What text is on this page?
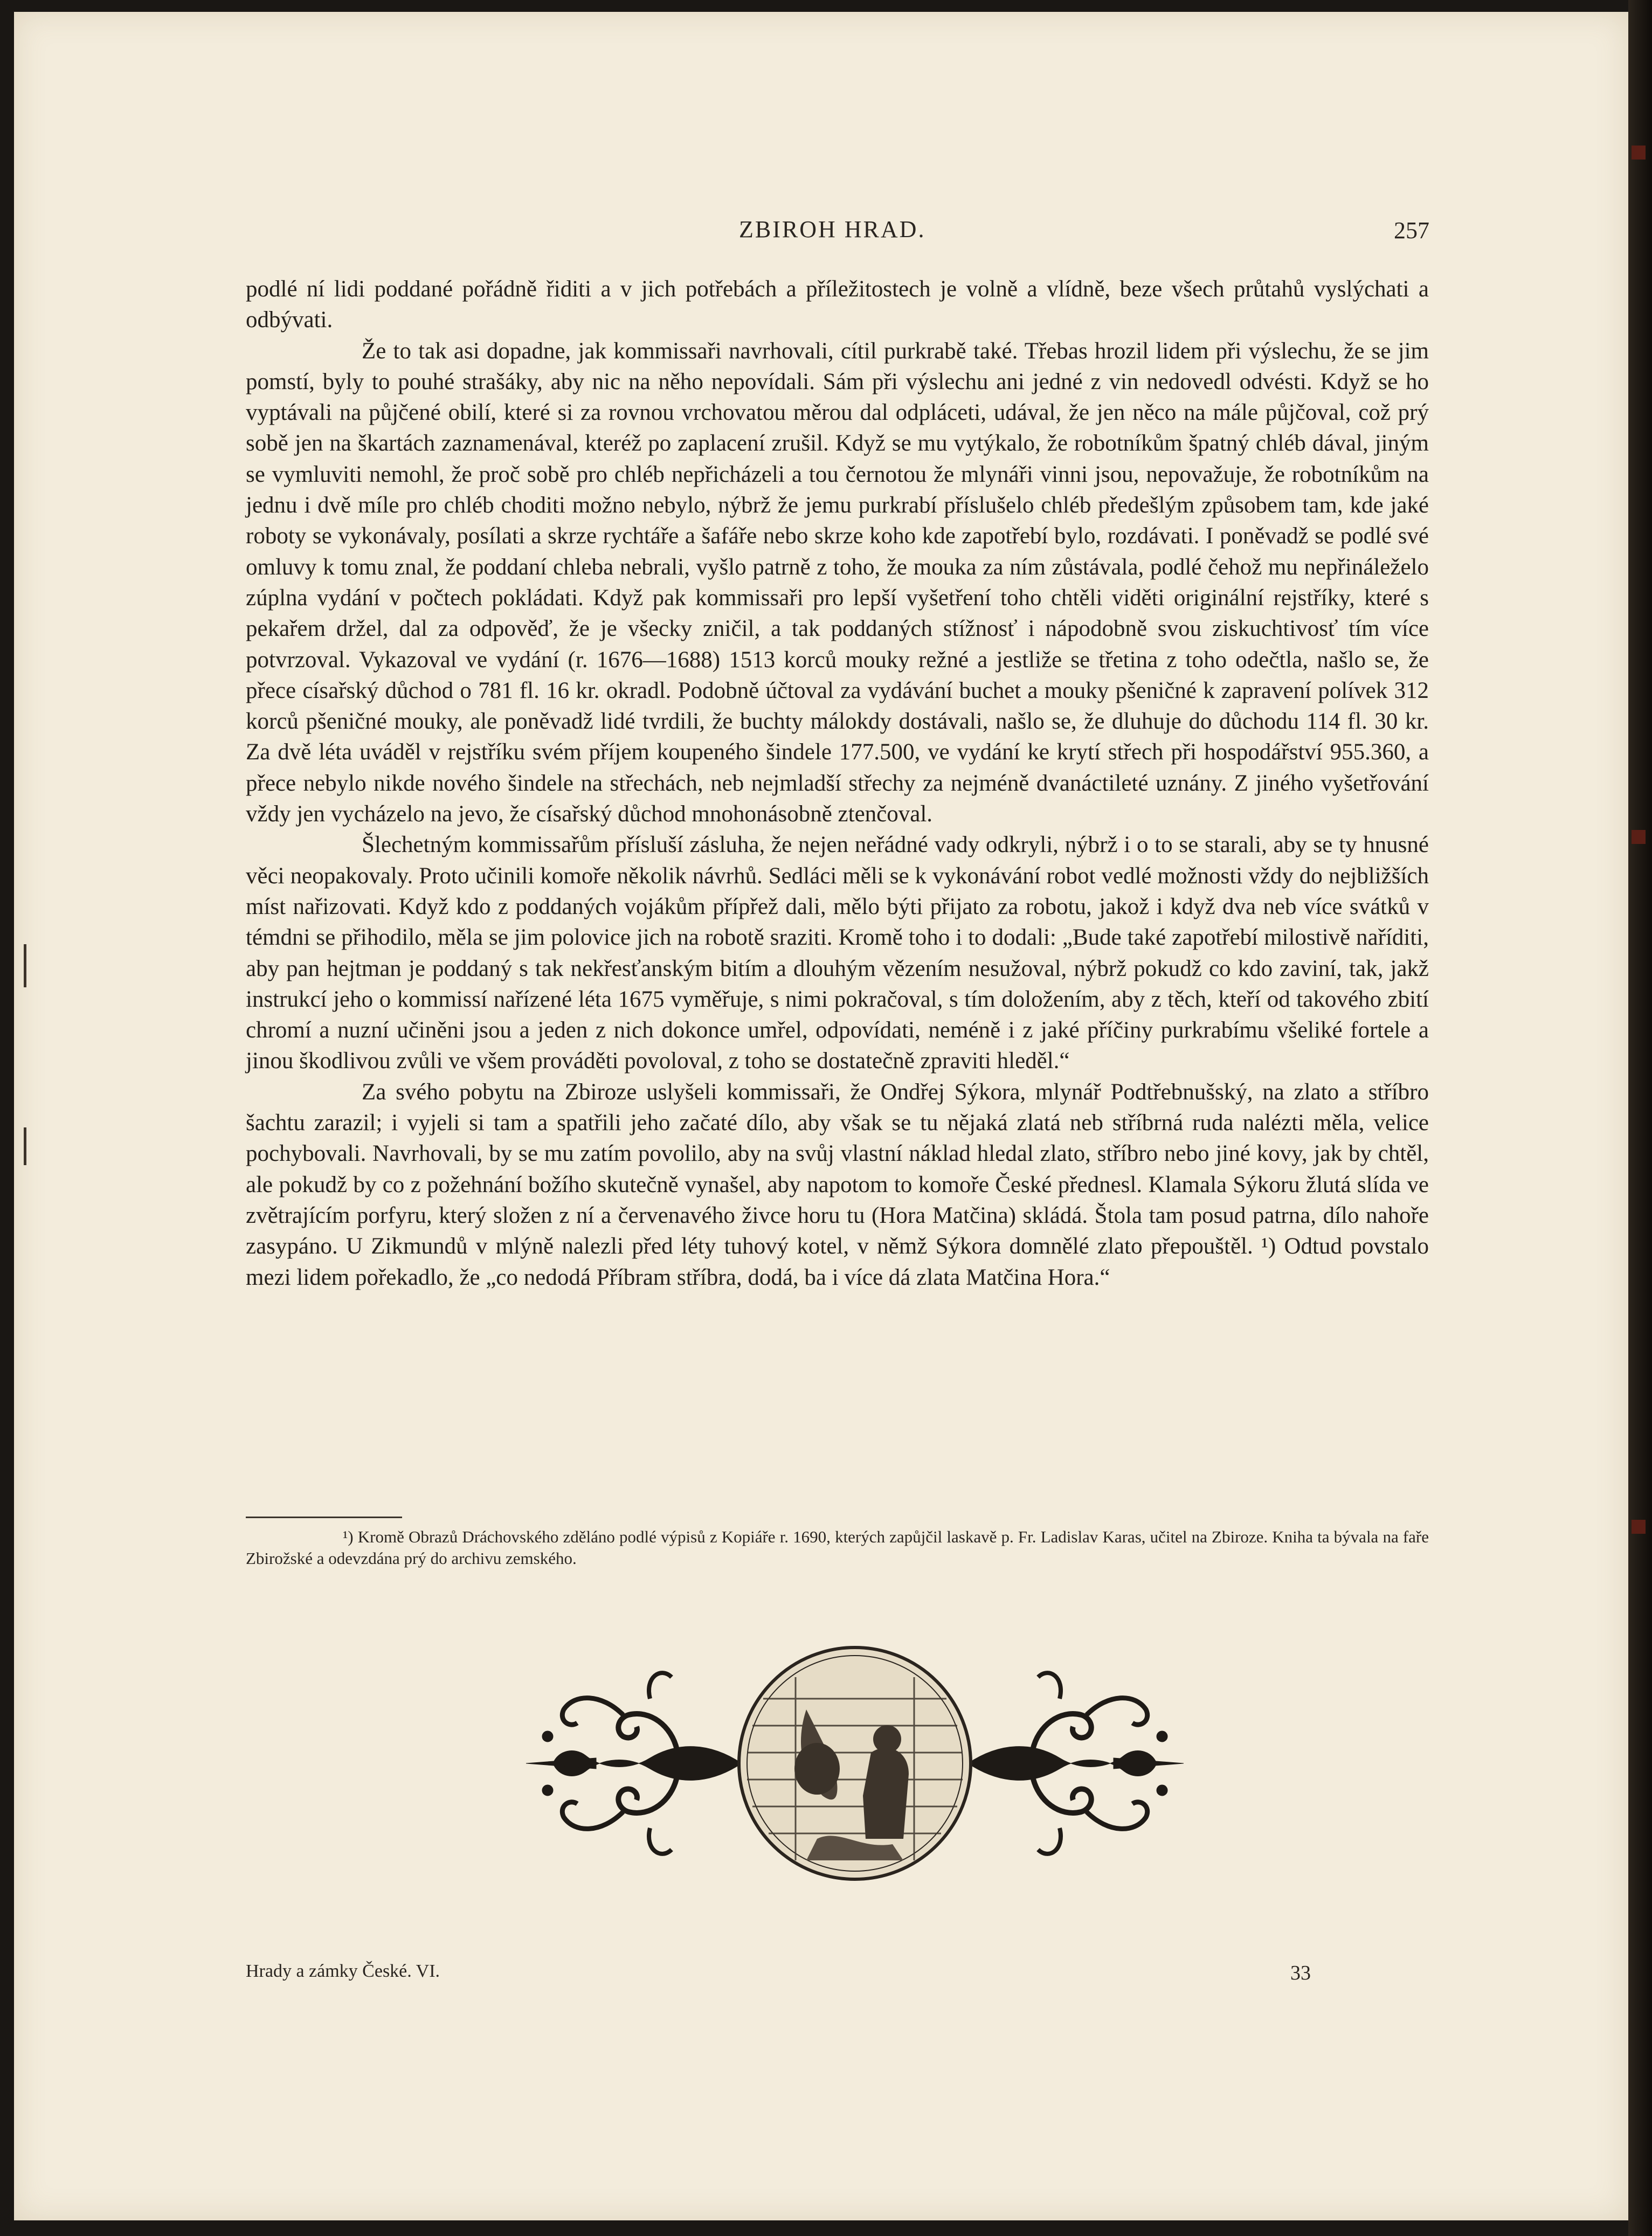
ZBIROH HRAD.	257

podlé ní lidi poddané pořádně řiditi a v jich potřebách a příležitostech je volně a vlídně, beze všech průtahů vyslýchati a odbývati.

Že to tak asi dopadne, jak kommissaři navrhovali, cítil purkrabě také. Třebas hrozil lidem při výslechu, že se jim pomstí, byly to pouhé strašáky, aby nic na něho nepovídali. Sám při výslechu ani jedné z vin nedovedl odvésti. Když se ho vyptávali na půjčené obilí, které si za rovnou vrchovatou měrou dal odpláceti, udával, že jen něco na mále půjčoval, což prý sobě jen na škartách zaznamenával, kteréž po zaplacení zrušil. Když se mu vytýkalo, že robotníkům špatný chléb dával, jiným se vymluviti nemohl, že proč sobě pro chléb nepřicházeli a tou černotou že mlynáři vinni jsou, nepovažuje, že robotníkům na jednu i dvě míle pro chléb choditi možno nebylo, nýbrž že jemu purkrabí příslušelo chléb předešlým způsobem tam, kde jaké roboty se vykonávaly, posílati a skrze rychtáře a šafáře nebo skrze koho kde zapotřebí bylo, rozdávati. I poněvadž se podlé své omluvy k tomu znal, že poddaní chleba nebrali, vyšlo patrně z toho, že mouka za ním zůstávala, podlé čehož mu nepřináleželo zúplna vydání v počtech pokládati. Když pak kommissaři pro lepší vyšetření toho chtěli viděti originální rejstříky, které s pekařem držel, dal za odpověď, že je všecky zničil, a tak poddaných stížnosť i nápodobně svou ziskuchtivosť tím více potvrzoval. Vykazoval ve vydání (r. 1676—1688) 1513 korců mouky režné a jestliže se třetina z toho odečtla, našlo se, že přece císařský důchod o 781 fl. 16 kr. okradl. Podobně účtoval za vydávání buchet a mouky pšeničné k zapravení polívek 312 korců pšeničné mouky, ale poněvadž lidé tvrdili, že buchty málokdy dostávali, našlo se, že dluhuje do důchodu 114 fl. 30 kr. Za dvě léta uváděl v rejstříku svém příjem koupeného šindele 177.500, ve vydání ke krytí střech při hospodářství 955.360, a přece nebylo nikde nového šindele na střechách, neb nejmladší střechy za nejméně dvanáctileté uznány. Z jiného vyšetřování vždy jen vycházelo na jevo, že císařský důchod mnohonásobně ztenčoval.

Šlechetným kommissařům přísluší zásluha, že nejen neřádné vady odkryli, nýbrž i o to se starali, aby se ty hnusné věci neopakovaly. Proto učinili komoře několik návrhů. Sedláci měli se k vykonávání robot vedlé možnosti vždy do nejbližších míst nařizovati. Když kdo z poddaných vojákům přípřež dali, mělo býti přijato za robotu, jakož i když dva neb více svátků v témdni se přihodilo, měla se jim polovice jich na robotě sraziti. Kromě toho i to dodali: „Bude také zapotřebí milostivě naříditi, aby pan hejtman je poddaný s tak nekřesťanským bitím a dlouhým vězením nesužoval, nýbrž pokudž co kdo zaviní, tak, jakž instrukcí jeho o kommissí nařízené léta 1675 vyměřuje, s nimi pokračoval, s tím doložením, aby z těch, kteří od takového zbití chromí a nuzní učiněni jsou a jeden z nich dokonce umřel, odpovídati, neméně i z jaké příčiny purkrabímu všeliké fortele a jinou škodlivou zvůli ve všem prováděti povoloval, z toho se dostatečně zpraviti hleděl.“

Za svého pobytu na Zbiroze uslyšeli kommissaři, že Ondřej Sýkora, mlynář Podtřebnušský, na zlato a stříbro šachtu zarazil; i vyjeli si tam a spatřili jeho začaté dílo, aby však se tu nějaká zlatá neb stříbrná ruda nalézti měla, velice pochybovali. Navrhovali, by se mu zatím povolilo, aby na svůj vlastní náklad hledal zlato, stříbro nebo jiné kovy, jak by chtěl, ale pokudž by co z požehnání božího skutečně vynašel, aby napotom to komoře České přednesl. Klamala Sýkoru žlutá slída ve zvětrajícím porfyru, který složen z ní a červenavého živce horu tu (Hora Matčina) skládá. Štola tam posud patrna, dílo nahoře zasypáno. U Zikmundů v mlýně nalezli před léty tuhový kotel, v němž Sýkora domnělé zlato přepouštěl. ¹) Odtud povstalo mezi lidem pořekadlo, že „co nedodá Příbram stříbra, dodá, ba i více dá zlata Matčina Hora.“

¹) Kromě Obrazů Dráchovského zděláno podlé výpisů z Kopiáře r. 1690, kterých zapůjčil laskavě p. Fr. Ladislav Karas, učitel na Zbiroze. Kniha ta bývala na faře Zbirožské a odevzdána prý do archivu zemského.

Hrady a zámky České. VI.	33
